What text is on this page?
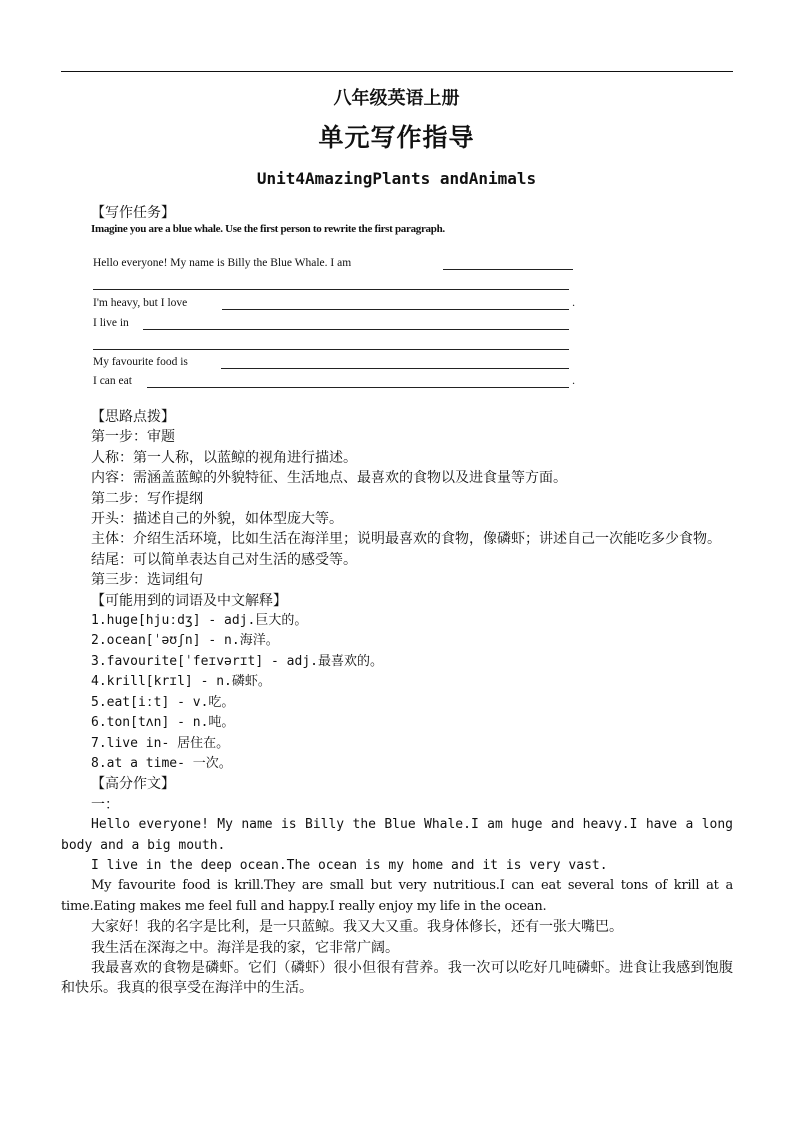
八年级英语上册
单元写作指导
Unit4AmazingPlants andAnimals
【写作任务】
Imagine you are a blue whale. Use the first person to rewrite the first paragraph.
Hello everyone! My name is Billy the Blue Whale. I am
I'm heavy, but I love	.
I live in
My favourite food is
I can eat	.

【思路点拨】

第一步：审题

人称：第一人称，以蓝鲸的视角进行描述。

内容：需涵盖蓝鲸的外貌特征、生活地点、最喜欢的食物以及进食量等方面。

第二步：写作提纲

开头：描述自己的外貌，如体型庞大等。

主体：介绍生活环境，比如生活在海洋里；说明最喜欢的食物，像磷虾；讲述自己一次能吃多少食物。

结尾：可以简单表达自己对生活的感受等。

第三步：选词组句

【可能用到的词语及中文解释】

1.huge[hjuːdʒ] - adj.巨大的。

2.ocean[ˈəʊʃn] - n.海洋。

3.favourite[ˈfeɪvərɪt] - adj.最喜欢的。

4.krill[krɪl] - n.磷虾。

5.eat[iːt] - v.吃。

6.ton[tʌn] - n.吨。

7.live in- 居住在。

8.at a time- 一次。

【高分作文】

一：

Hello everyone! My name is Billy the Blue Whale.I am huge and heavy.I have a long body and a big mouth.

I live in the deep ocean.The ocean is my home and it is very vast.

My favourite food is krill.They are small but very nutritious.I can eat several tons of krill at a time.Eating makes me feel full and happy.I really enjoy my life in the ocean.

大家好！我的名字是比利，是一只蓝鲸。我又大又重。我身体修长，还有一张大嘴巴。

我生活在深海之中。海洋是我的家，它非常广阔。

我最喜欢的食物是磷虾。它们（磷虾）很小但很有营养。我一次可以吃好几吨磷虾。进食让我感到饱腹和快乐。我真的很享受在海洋中的生活。
